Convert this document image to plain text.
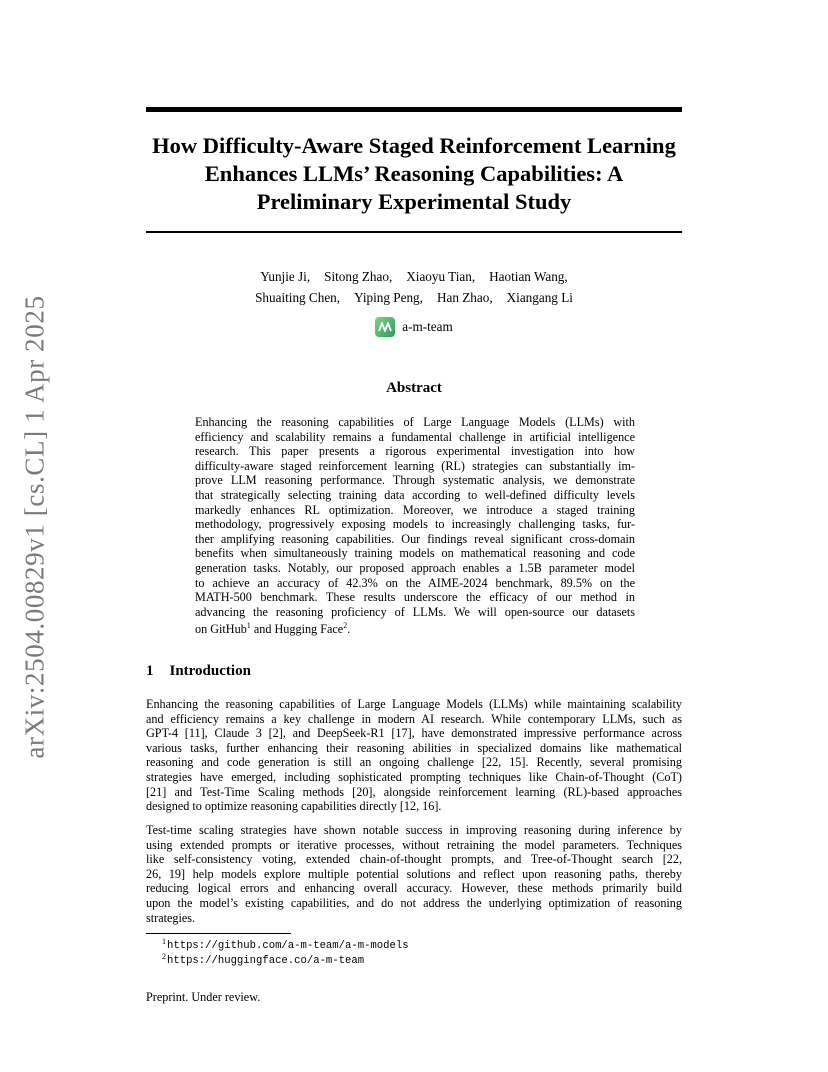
arXiv:2504.00829v1 [cs.CL] 1 Apr 2025
How Difficulty-Aware Staged Reinforcement Learning
Enhances LLMs’ Reasoning Capabilities: A
Preliminary Experimental Study
Yunjie Ji, Sitong Zhao, Xiaoyu Tian, Haotian Wang,
Shuaiting Chen, Yiping Peng, Han Zhao, Xiangang Li
a-m-team
Abstract
Enhancing the reasoning capabilities of Large Language Models (LLMs) with
efficiency and scalability remains a fundamental challenge in artificial intelligence
research. This paper presents a rigorous experimental investigation into how
difficulty-aware staged reinforcement learning (RL) strategies can substantially im-
prove LLM reasoning performance. Through systematic analysis, we demonstrate
that strategically selecting training data according to well-defined difficulty levels
markedly enhances RL optimization. Moreover, we introduce a staged training
methodology, progressively exposing models to increasingly challenging tasks, fur-
ther amplifying reasoning capabilities. Our findings reveal significant cross-domain
benefits when simultaneously training models on mathematical reasoning and code
generation tasks. Notably, our proposed approach enables a 1.5B parameter model
to achieve an accuracy of 42.3% on the AIME-2024 benchmark, 89.5% on the
MATH-500 benchmark. These results underscore the efficacy of our method in
advancing the reasoning proficiency of LLMs. We will open-source our datasets
on GitHub$^1$ and Hugging Face$^2$.
1 Introduction
Enhancing the reasoning capabilities of Large Language Models (LLMs) while maintaining scalability
and efficiency remains a key challenge in modern AI research. While contemporary LLMs, such as
GPT-4 [11], Claude 3 [2], and DeepSeek-R1 [17], have demonstrated impressive performance across
various tasks, further enhancing their reasoning abilities in specialized domains like mathematical
reasoning and code generation is still an ongoing challenge [22, 15]. Recently, several promising
strategies have emerged, including sophisticated prompting techniques like Chain-of-Thought (CoT)
[21] and Test-Time Scaling methods [20], alongside reinforcement learning (RL)-based approaches
designed to optimize reasoning capabilities directly [12, 16].
Test-time scaling strategies have shown notable success in improving reasoning during inference by
using extended prompts or iterative processes, without retraining the model parameters. Techniques
like self-consistency voting, extended chain-of-thought prompts, and Tree-of-Thought search [22,
26, 19] help models explore multiple potential solutions and reflect upon reasoning paths, thereby
reducing logical errors and enhancing overall accuracy. However, these methods primarily build
upon the model’s existing capabilities, and do not address the underlying optimization of reasoning
strategies.
$^1$https://github.com/a-m-team/a-m-models
$^2$https://huggingface.co/a-m-team
Preprint. Under review.
